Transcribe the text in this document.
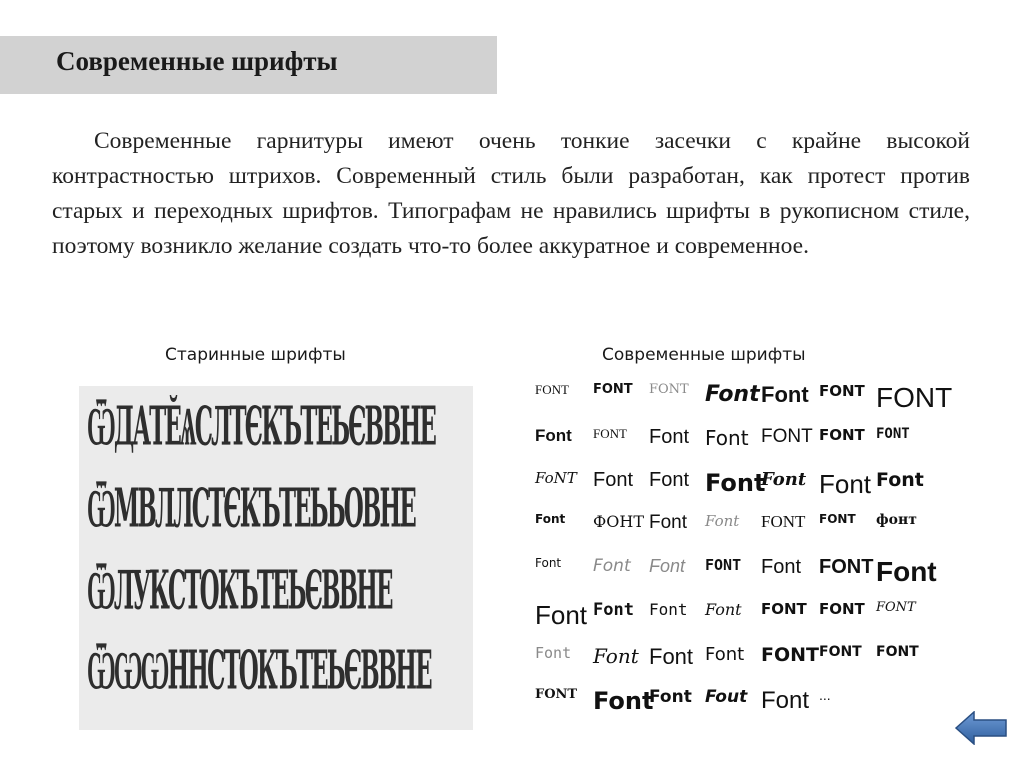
Современные шрифты

Современные гарнитуры имеют очень тонкие засечки с крайне высокой контрастностью штрихов. Современный стиль были разработан, как протест против старых и переходных шрифтов. Типографам не нравились шрифты в рукописном стиле, поэтому возникло желание создать что-то более аккуратное и современное.

Старинные шрифты	Современные шрифты
ѾДАТӖѦСЛТЄКЪТЕЬЄВВНЕ
ѾМВЛЛСТЄКЪТЕЬЬОВНЕ
ѾЛУКСТОКЪТЕЬЄВВНЕ
ѾѠѠННСТОКЪТЕЬЄВВНЕ
FONT FONT FONT Font Font FONT FONT
Font FONT Font Font FONT FONT FONT
FoNT Font Font Font
Font Font Font
Font ФОНТ Font Font FONT FONT фонт
Font Font Font FONT Font FONT Font
Font Font Font Font FONT FONT FONT
Font Font Font Font FONT FONT FONT
FONT Font
Font Fout Font ...
